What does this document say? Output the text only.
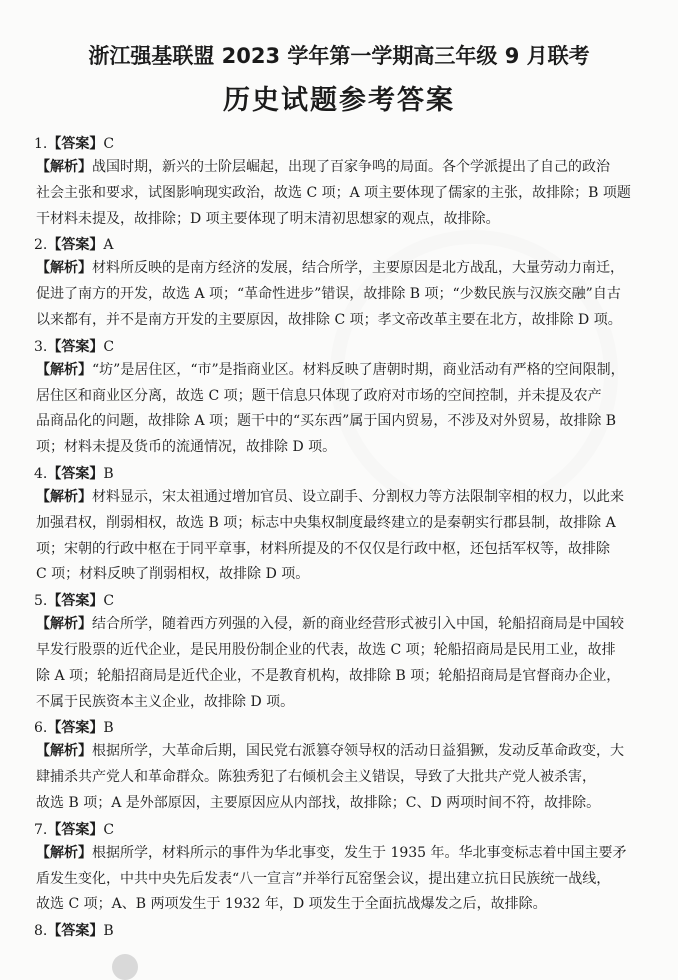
浙江强基联盟 2023 学年第一学期高三年级 9 月联考
历史试题参考答案
1.【答案】C
【解析】战国时期，新兴的士阶层崛起，出现了百家争鸣的局面。各个学派提出了自己的政治
社会主张和要求，试图影响现实政治，故选 C 项；A 项主要体现了儒家的主张，故排除；B 项题
干材料未提及，故排除；D 项主要体现了明末清初思想家的观点，故排除。
2.【答案】A
【解析】材料所反映的是南方经济的发展，结合所学，主要原因是北方战乱，大量劳动力南迁，
促进了南方的开发，故选 A 项；“革命性进步”错误，故排除 B 项；“少数民族与汉族交融”自古
以来都有，并不是南方开发的主要原因，故排除 C 项；孝文帝改革主要在北方，故排除 D 项。
3.【答案】C
【解析】“坊”是居住区，“市”是指商业区。材料反映了唐朝时期，商业活动有严格的空间限制，
居住区和商业区分离，故选 C 项；题干信息只体现了政府对市场的空间控制，并未提及农产
品商品化的问题，故排除 A 项；题干中的“买东西”属于国内贸易，不涉及对外贸易，故排除 B
项；材料未提及货币的流通情况，故排除 D 项。
4.【答案】B
【解析】材料显示，宋太祖通过增加官员、设立副手、分割权力等方法限制宰相的权力，以此来
加强君权，削弱相权，故选 B 项；标志中央集权制度最终建立的是秦朝实行郡县制，故排除 A
项；宋朝的行政中枢在于同平章事，材料所提及的不仅仅是行政中枢，还包括军权等，故排除
C 项；材料反映了削弱相权，故排除 D 项。
5.【答案】C
【解析】结合所学，随着西方列强的入侵，新的商业经营形式被引入中国，轮船招商局是中国较
早发行股票的近代企业，是民用股份制企业的代表，故选 C 项；轮船招商局是民用工业，故排
除 A 项；轮船招商局是近代企业，不是教育机构，故排除 B 项；轮船招商局是官督商办企业，
不属于民族资本主义企业，故排除 D 项。
6.【答案】B
【解析】根据所学，大革命后期，国民党右派篡夺领导权的活动日益猖獗，发动反革命政变，大
肆捕杀共产党人和革命群众。陈独秀犯了右倾机会主义错误，导致了大批共产党人被杀害，
故选 B 项；A 是外部原因，主要原因应从内部找，故排除；C、D 两项时间不符，故排除。
7.【答案】C
【解析】根据所学，材料所示的事件为华北事变，发生于 1935 年。华北事变标志着中国主要矛
盾发生变化，中共中央先后发表“八一宣言”并举行瓦窑堡会议，提出建立抗日民族统一战线，
故选 C 项；A、B 两项发生于 1932 年，D 项发生于全面抗战爆发之后，故排除。
8.【答案】B
